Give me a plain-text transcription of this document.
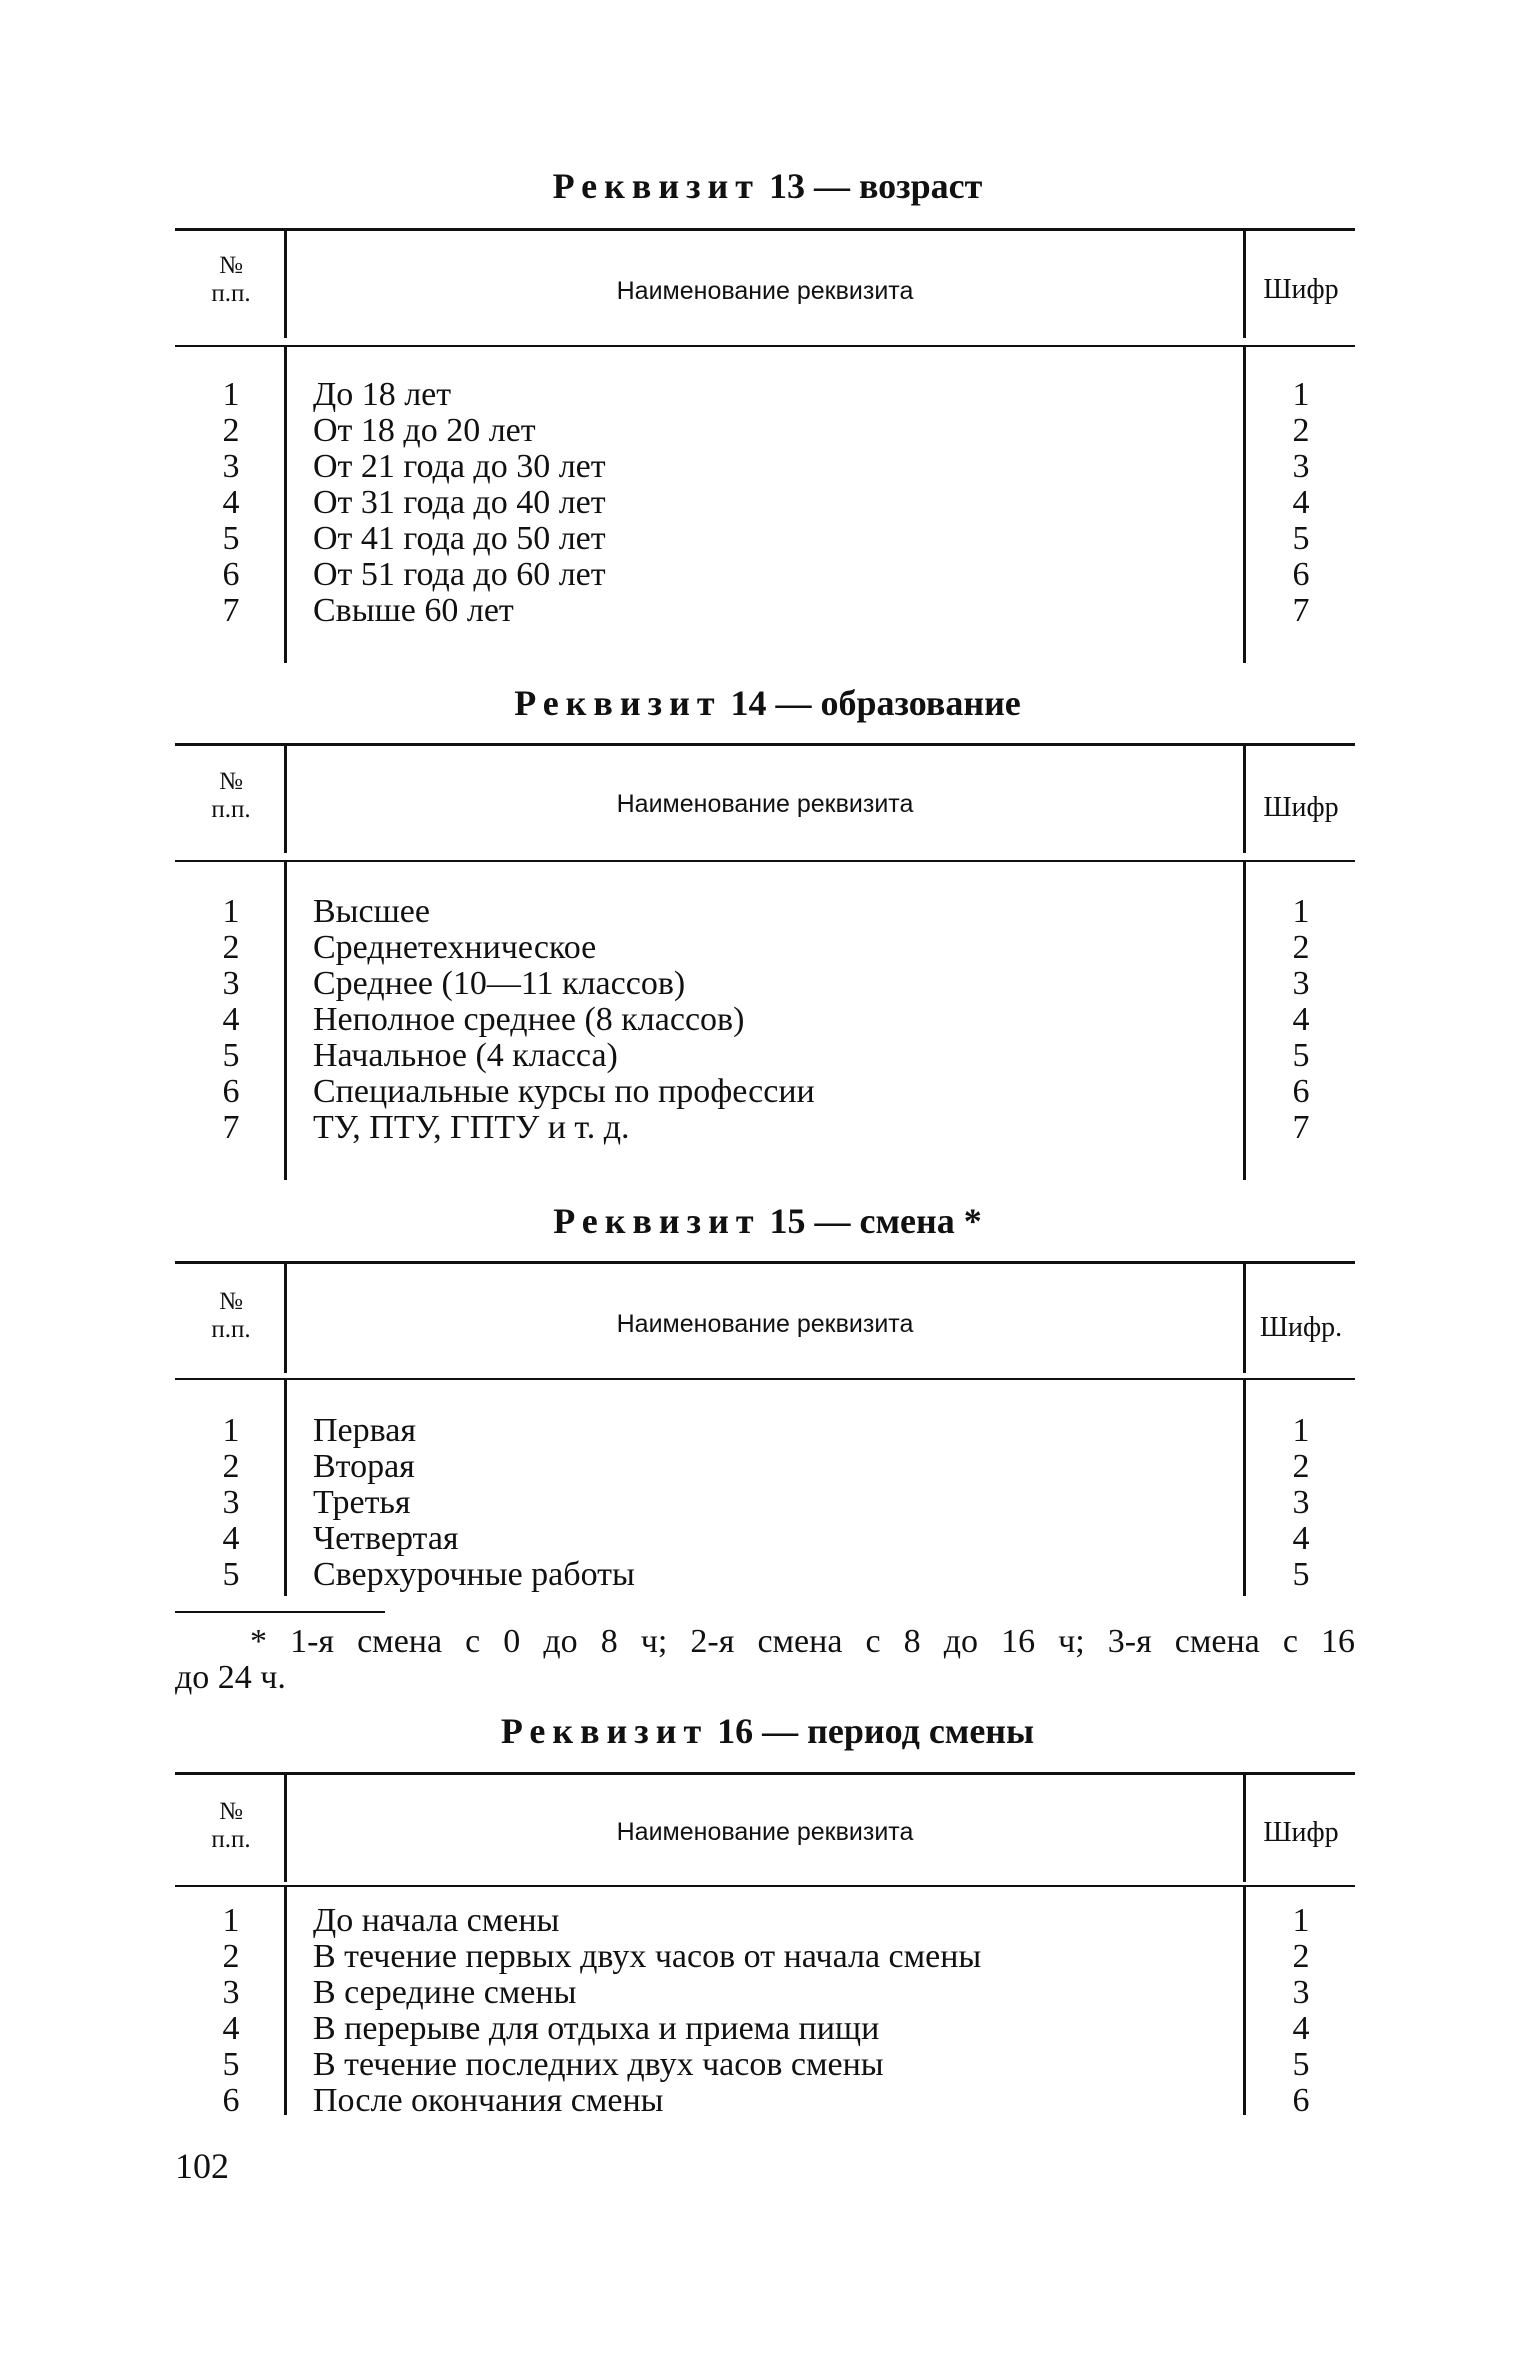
Реквизит 13 — возраст
№
п.п.	Наименование реквизита	Шифр
1	До 18 лет	1
2	От 18 до 20 лет	2
3	От 21 года до 30 лет	3
4	От 31 года до 40 лет	4
5	От 41 года до 50 лет	5
6	От 51 года до 60 лет	6
7	Свыше 60 лет	7
Реквизит 14 — образование
№
п.п.	Наименование реквизита	Шифр
1	Высшее	1
2	Среднетехническое	2
3	Среднее (10—11 классов)	3
4	Неполное среднее (8 классов)	4
5	Начальное (4 класса)	5
6	Специальные курсы по профессии	6
7	ТУ, ПТУ, ГПТУ и т. д.	7
Реквизит 15 — смена *
№
п.п.	Наименование реквизита	Шифр.
1	Первая	1
2	Вторая	2
3	Третья	3
4	Четвертая	4
5	Сверхурочные работы	5
* 1-я смена с 0 до 8 ч; 2-я смена с 8 до 16 ч; 3-я смена с 16
до 24 ч.
Реквизит 16 — период смены
№
п.п.	Наименование реквизита	Шифр
1	До начала смены	1
2	В течение первых двух часов от начала смены	2
3	В середине смены	3
4	В перерыве для отдыха и приема пищи	4
5	В течение последних двух часов смены	5
6	После окончания смены	6
102
